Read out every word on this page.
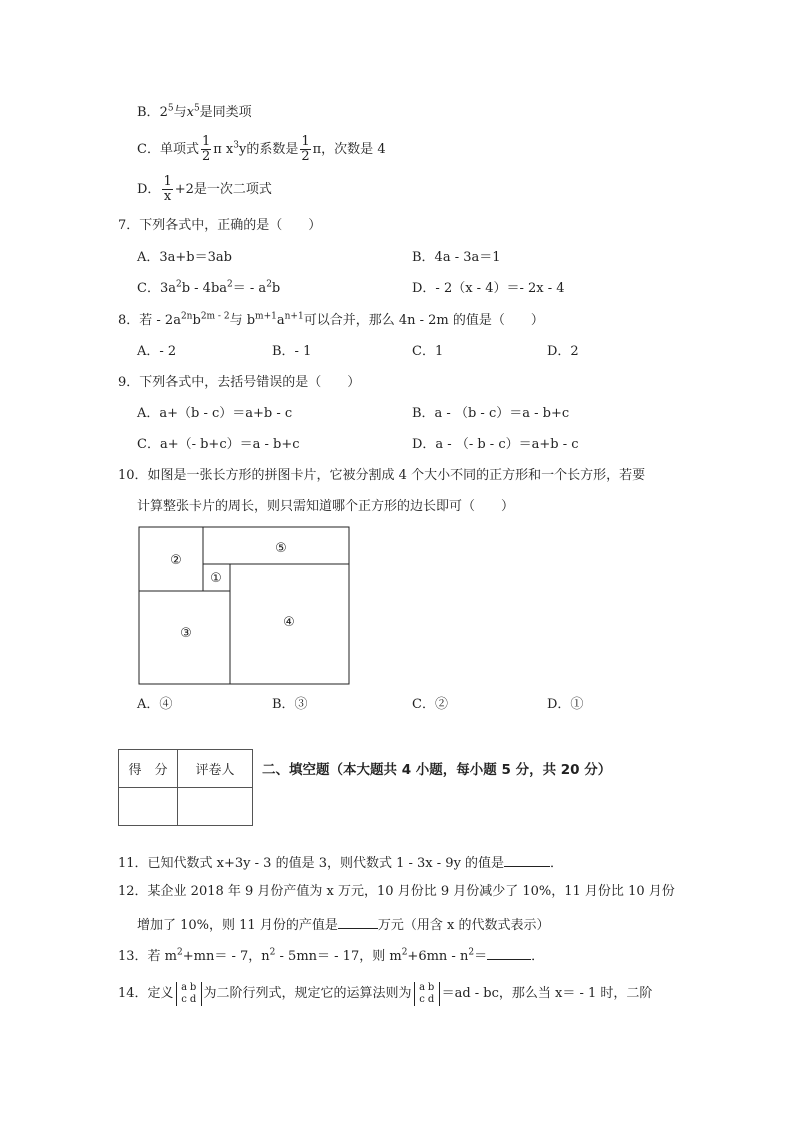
B．$2^5$与$x^5$是同类项
C．单项式 $\frac{1}{2}$ π $x^3y$的系数是 $\frac{1}{2}$ π，次数是 4
D． $\frac{1}{x} +2$是一次二项式
7．下列各式中，正确的是（　　）
A．3a+b＝3ab	B．4a - 3a＝1
C．$3a^2b - 4ba^2= - a^2b$	D．- 2（x - 4）＝- 2x - 4
8．若 - $2a^{2n}b^{2m - 2}$与 $b^{m+1}a^{n+1}$可以合并，那么 4n - 2m 的值是（　　）
A．- 2	B．- 1	C．1	D．2
9．下列各式中，去括号错误的是（　　）
A．a+（b - c）＝a+b - c	B．a - （b - c）＝a - b+c
C．a+（- b+c）＝a - b+c	D．a - （- b - c）＝a+b - c
10．如图是一张长方形的拼图卡片，它被分割成 4 个大小不同的正方形和一个长方形，若要
计算整张卡片的周长，则只需知道哪个正方形的边长即可（　　）
②
⑤
①
③
④
A．④	B．③	C．②	D．①
得　分	评卷人
	二、填空题（本大题共 4 小题，每小题 5 分，共 20 分）
11．已知代数式 x+3y - 3 的值是 3，则代数式 1 - 3x - 9y 的值是	．
12．某企业 2018 年 9 月份产值为 x 万元，10 月份比 9 月份减少了 10%，11 月份比 10 月份
增加了 10%，则 11 月份的产值是	万元（用含 x 的代数式表示）
13．若 $m^2+mn= - 7$，$n^2 - 5mn= - 17$，则 $m^2+6mn - n^2=$	．
14．定义 a b
c d 为二阶行列式，规定它的运算法则为 a b
c d ＝ad - bc，那么当 x＝ - 1 时，二阶
